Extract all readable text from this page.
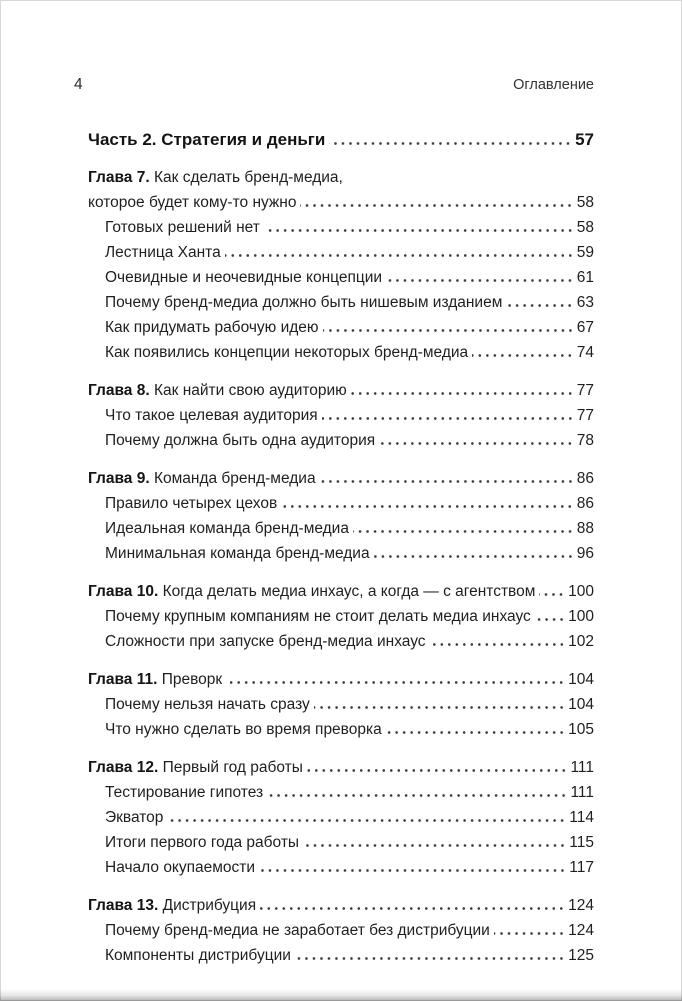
4	Оглавление
Часть 2. Стратегия и деньги	57
Глава 7. Как сделать бренд-медиа,
которое будет кому-то нужно	58
Готовых решений нет	58
Лестница Ханта	59
Очевидные и неочевидные концепции	61
Почему бренд-медиа должно быть нишевым изданием	63
Как придумать рабочую идею	67
Как появились концепции некоторых бренд-медиа	74
Глава 8. Как найти свою аудиторию	77
Что такое целевая аудитория	77
Почему должна быть одна аудитория	78
Глава 9. Команда бренд-медиа	86
Правило четырех цехов	86
Идеальная команда бренд-медиа	88
Минимальная команда бренд-медиа	96
Глава 10. Когда делать медиа инхаус, а когда — с агентством 100
Почему крупным компаниям не стоит делать медиа инхаус 100
Сложности при запуске бренд-медиа инхаус	102
Глава 11. Преворк	104
Почему нельзя начать сразу	104
Что нужно сделать во время преворка	105
Глава 12. Первый год работы	111
Тестирование гипотез	111
Экватор	114
Итоги первого года работы	115
Начало окупаемости	117
Глава 13. Дистрибуция	124
Почему бренд-медиа не заработает без дистрибуции	124
Компоненты дистрибуции	125
